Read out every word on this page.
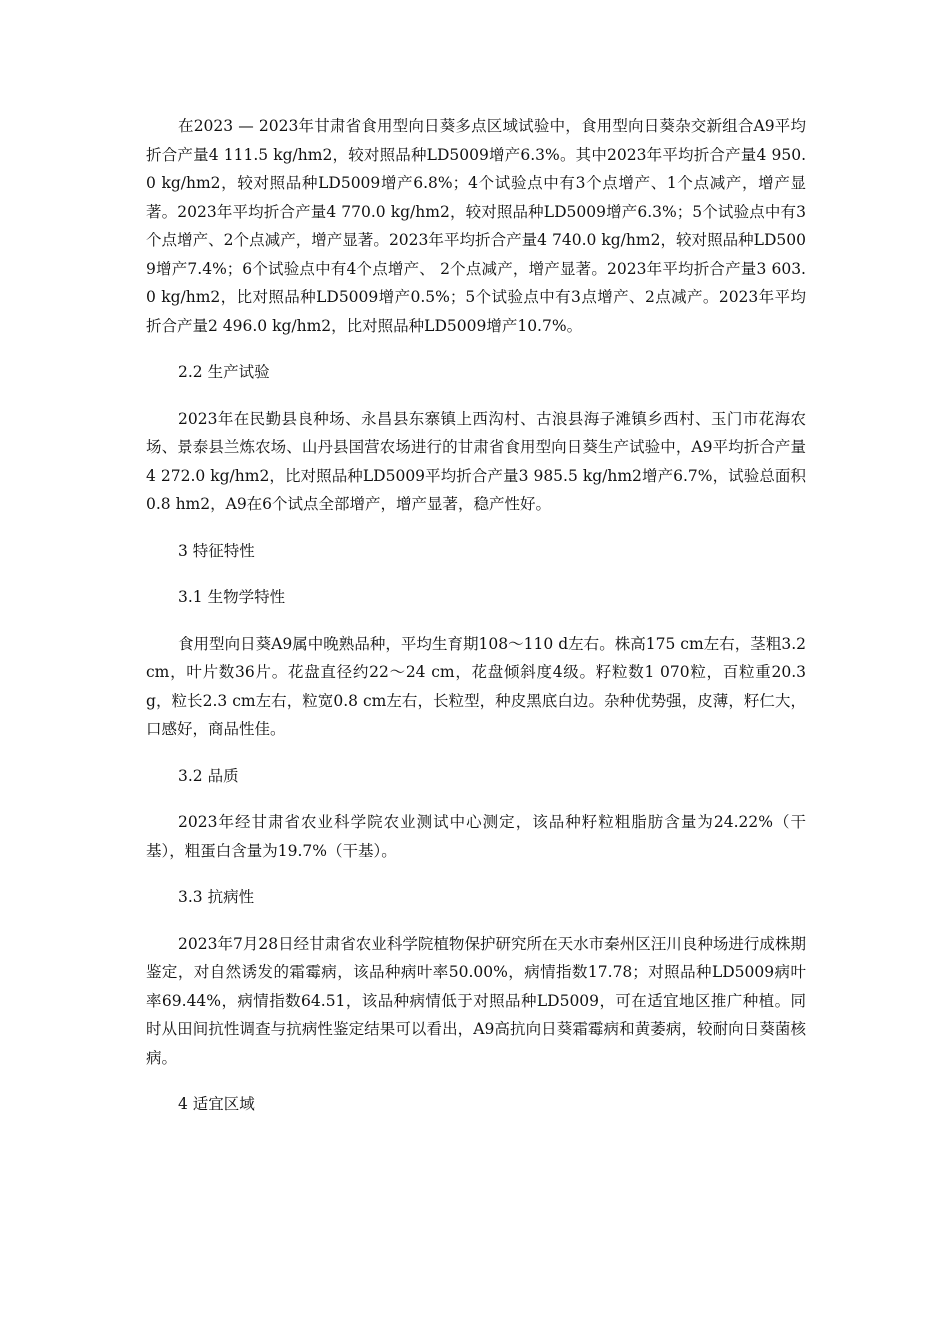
在2023 — 2023年甘肃省食用型向日葵多点区域试验中，食用型向日葵杂交新组合A9平均折合产量4 111.5 kg/hm2，较对照品种LD5009增产6.3%。其中2023年平均折合产量4 950.0 kg/hm2，较对照品种LD5009增产6.8%；4个试验点中有3个点增产、1个点减产，增产显著。2023年平均折合产量4 770.0 kg/hm2，较对照品种LD5009增产6.3%；5个试验点中有3个点增产、2个点减产，增产显著。2023年平均折合产量4 740.0 kg/hm2，较对照品种LD5009增产7.4%；6个试验点中有4个点增产、 2个点减产，增产显著。2023年平均折合产量3 603.0 kg/hm2，比对照品种LD5009增产0.5%；5个试验点中有3点增产、2点减产。2023年平均折合产量2 496.0 kg/hm2，比对照品种LD5009增产10.7%。

2.2 生产试验

2023年在民勤县良种场、永昌县东寨镇上西沟村、古浪县海子滩镇乡西村、玉门市花海农场、景泰县兰炼农场、山丹县国营农场进行的甘肃省食用型向日葵生产试验中，A9平均折合产量 4 272.0 kg/hm2，比对照品种LD5009平均折合产量3 985.5 kg/hm2增产6.7%，试验总面积0.8 hm2，A9在6个试点全部增产，增产显著，稳产性好。

3 特征特性

3.1 生物学特性

食用型向日葵A9属中晚熟品种，平均生育期108～110 d左右。株高175 cm左右，茎粗3.2 cm，叶片数36片。花盘直径约22～24 cm，花盘倾斜度4级。籽粒数1 070粒，百粒重20.3 g，粒长2.3 cm左右，粒宽0.8 cm左右，长粒型，种皮黑底白边。杂种优势强，皮薄，籽仁大，口感好，商品性佳。

3.2 品质

2023年经甘肃省农业科学院农业测试中心测定，该品种籽粒粗脂肪含量为24.22%（干基），粗蛋白含量为19.7%（干基）。

3.3 抗病性

2023年7月28日经甘肃省农业科学院植物保护研究所在天水市秦州区汪川良种场进行成株期鉴定，对自然诱发的霜霉病，该品种病叶率50.00%，病情指数17.78；对照品种LD5009病叶率69.44%，病情指数64.51，该品种病情低于对照品种LD5009，可在适宜地区推广种植。同时从田间抗性调查与抗病性鉴定结果可以看出，A9高抗向日葵霜霉病和黄萎病，较耐向日葵菌核病。

4 适宜区域
